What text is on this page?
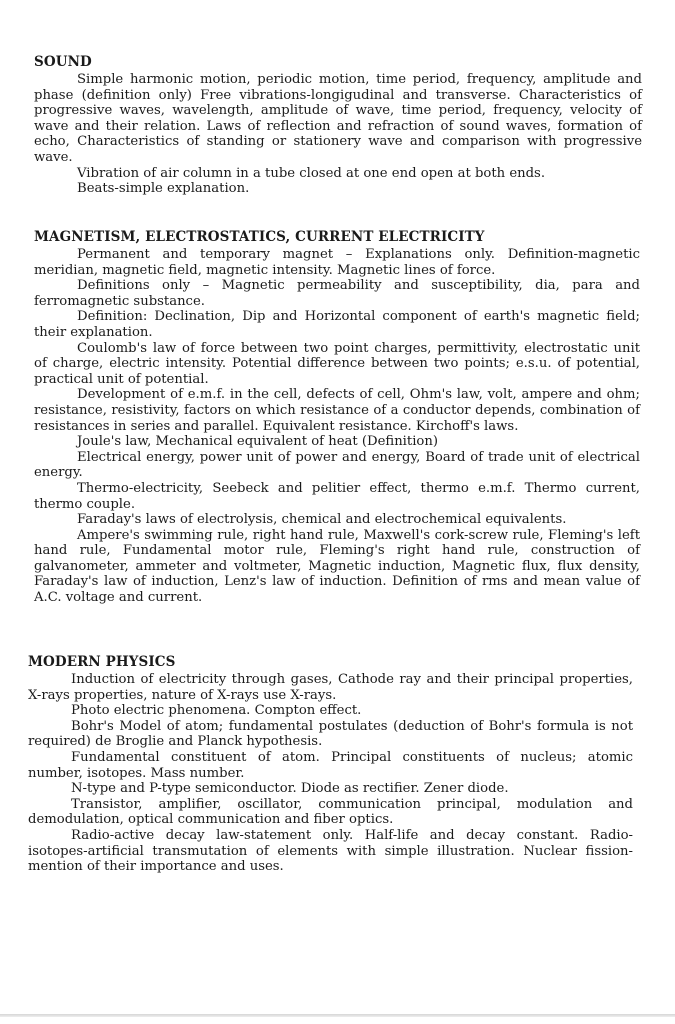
SOUND

Simple harmonic motion, periodic motion, time period, frequency, amplitude and phase (definition only) Free vibrations-longigudinal and transverse. Characteristics of progressive waves, wavelength, amplitude of wave, time period, frequency, velocity of wave and their relation. Laws of reflection and refraction of sound waves, formation of echo, Characteristics of standing or stationery wave and comparison with progressive wave.

Vibration of air column in a tube closed at one end open at both ends.

Beats-simple explanation.

MAGNETISM, ELECTROSTATICS, CURRENT ELECTRICITY

Permanent and temporary magnet – Explanations only. Definition-magnetic meridian, magnetic field, magnetic intensity. Magnetic lines of force.

Definitions only – Magnetic permeability and susceptibility, dia, para and ferromagnetic substance.

Definition: Declination, Dip and Horizontal component of earth's magnetic field; their explanation.

Coulomb's law of force between two point charges, permittivity, electrostatic unit of charge, electric intensity. Potential difference between two points; e.s.u. of potential, practical unit of potential.

Development of e.m.f. in the cell, defects of cell, Ohm's law, volt, ampere and ohm; resistance, resistivity, factors on which resistance of a conductor depends, combination of resistances in series and parallel. Equivalent resistance. Kirchoff's laws.

Joule's law, Mechanical equivalent of heat (Definition)

Electrical energy, power unit of power and energy, Board of trade unit of electrical energy.

Thermo-electricity, Seebeck and pelitier effect, thermo e.m.f. Thermo current, thermo couple.

Faraday's laws of electrolysis, chemical and electrochemical equivalents.

Ampere's swimming rule, right hand rule, Maxwell's cork-screw rule, Fleming's left hand rule, Fundamental motor rule, Fleming's right hand rule, construction of galvanometer, ammeter and voltmeter, Magnetic induction, Magnetic flux, flux density, Faraday's law of induction, Lenz's law of induction. Definition of rms and mean value of A.C. voltage and current.

MODERN PHYSICS

Induction of electricity through gases, Cathode ray and their principal properties, X-rays properties, nature of X-rays use X-rays.

Photo electric phenomena. Compton effect.

Bohr's Model of atom; fundamental postulates (deduction of Bohr's formula is not required) de Broglie and Planck hypothesis.

Fundamental constituent of atom. Principal constituents of nucleus; atomic number, isotopes. Mass number.

N-type and P-type semiconductor. Diode as rectifier. Zener diode.

Transistor, amplifier, oscillator, communication principal, modulation and demodulation, optical communication and fiber optics.

Radio-active decay law-statement only. Half-life and decay constant. Radio-isotopes-artificial transmutation of elements with simple illustration. Nuclear fission-mention of their importance and uses.
